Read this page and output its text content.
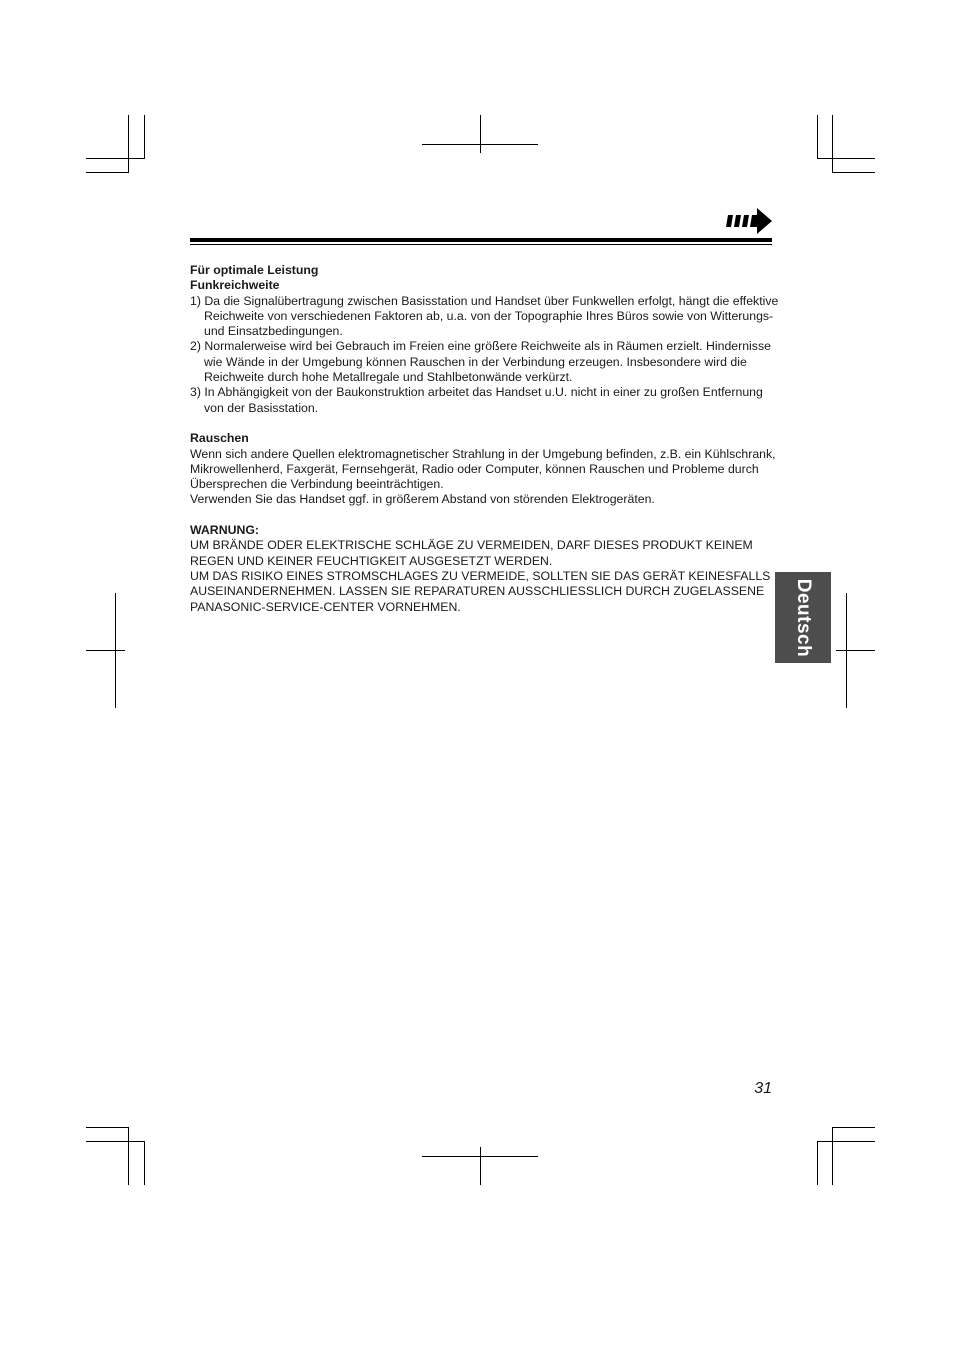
Für optimale Leistung

Funkreichweite

1) Da die Signalübertragung zwischen Basisstation und Handset über Funkwellen erfolgt, hängt die effektive Reichweite von verschiedenen Faktoren ab, u.a. von der Topographie Ihres Büros sowie von Witterungs-und Einsatzbedingungen.

2) Normalerweise wird bei Gebrauch im Freien eine größere Reichweite als in Räumen erzielt. Hindernisse wie Wände in der Umgebung können Rauschen in der Verbindung erzeugen. Insbesondere wird die Reichweite durch hohe Metallregale und Stahlbetonwände verkürzt.

3) In Abhängigkeit von der Baukonstruktion arbeitet das Handset u.U. nicht in einer zu großen Entfernung von der Basisstation.

Rauschen

Wenn sich andere Quellen elektromagnetischer Strahlung in der Umgebung befinden, z.B. ein Kühlschrank, Mikrowellenherd, Faxgerät, Fernsehgerät, Radio oder Computer, können Rauschen und Probleme durch Übersprechen die Verbindung beeinträchtigen.

Verwenden Sie das Handset ggf. in größerem Abstand von störenden Elektrogeräten.

WARNUNG:

UM BRÄNDE ODER ELEKTRISCHE SCHLÄGE ZU VERMEIDEN, DARF DIESES PRODUKT KEINEM REGEN UND KEINER FEUCHTIGKEIT AUSGESETZT WERDEN.

UM DAS RISIKO EINES STROMSCHLAGES ZU VERMEIDE, SOLLTEN SIE DAS GERÄT KEINESFALLS AUSEINANDERNEHMEN. LASSEN SIE REPARATUREN AUSSCHLIESSLICH DURCH ZUGELASSENE PANASONIC-SERVICE-CENTER VORNEHMEN.	Deutsch
31
